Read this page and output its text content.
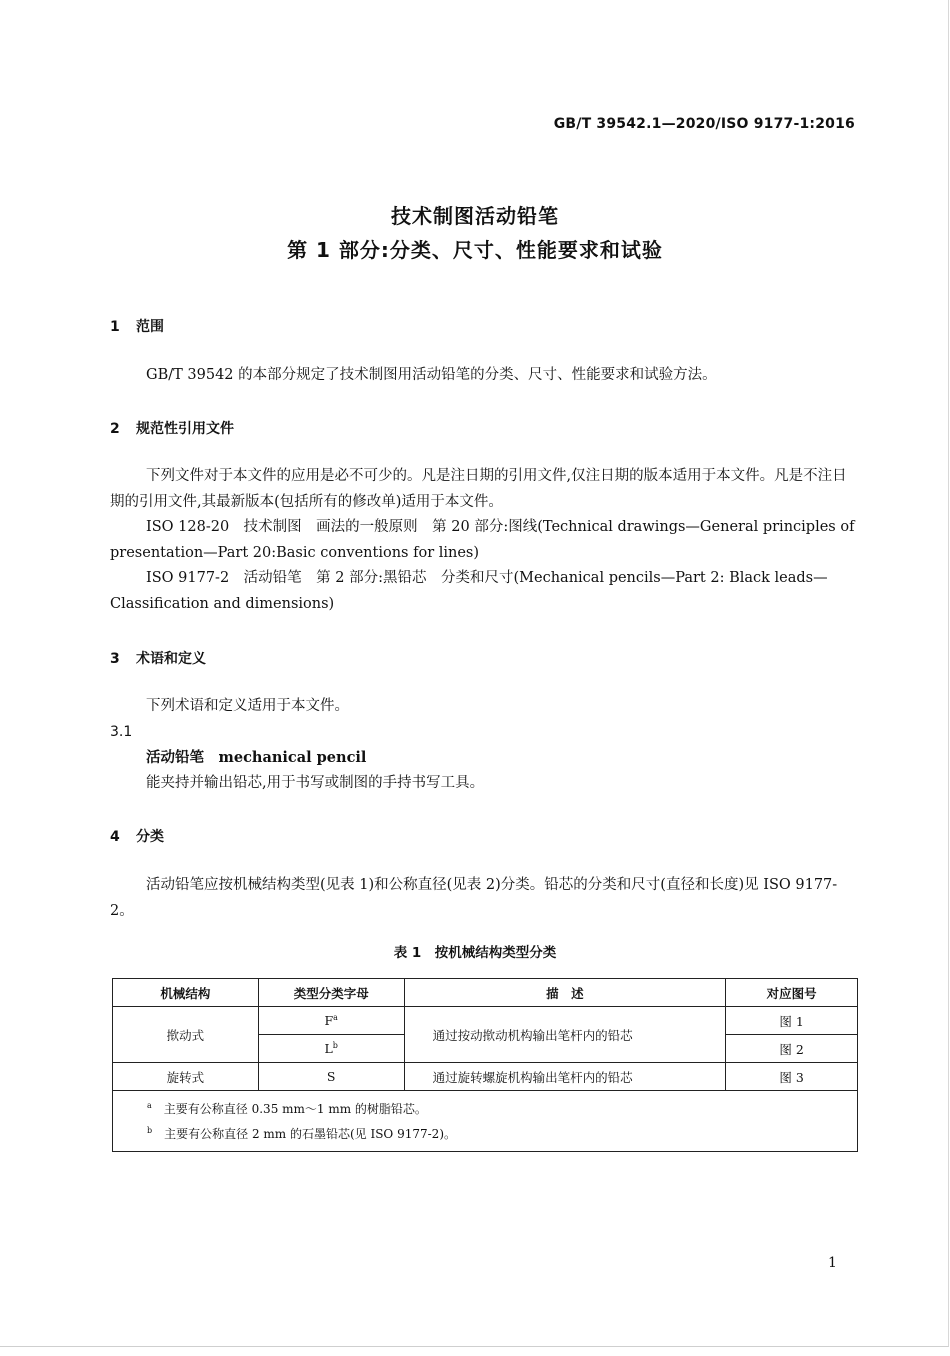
GB/T 39542.1—2020/ISO 9177-1:2016
技术制图活动铅笔
第 1 部分:分类、尺寸、性能要求和试验
1 范围
GB/T 39542 的本部分规定了技术制图用活动铅笔的分类、尺寸、性能要求和试验方法。
2 规范性引用文件
下列文件对于本文件的应用是必不可少的。凡是注日期的引用文件,仅注日期的版本适用于本文件。凡是不注日期的引用文件,其最新版本(包括所有的修改单)适用于本文件。
ISO 128-20　技术制图　画法的一般原则　第 20 部分:图线(Technical drawings—General principles of presentation—Part 20:Basic conventions for lines)
ISO 9177-2　活动铅笔　第 2 部分:黑铅芯　分类和尺寸(Mechanical pencils—Part 2: Black leads—Classification and dimensions)
3 术语和定义
下列术语和定义适用于本文件。
3.1
活动铅笔　mechanical pencil
能夹持并输出铅芯,用于书写或制图的手持书写工具。
4 分类
活动铅笔应按机械结构类型(见表 1)和公称直径(见表 2)分类。铅芯的分类和尺寸(直径和长度)见 ISO 9177-2。
表 1　按机械结构类型分类
机械结构	类型分类字母	描　述	对应图号
揿动式	$F^a$	通过按动揿动机构输出笔杆内的铅芯	图 1
	$L^b$		图 2
旋转式	S	通过旋转螺旋机构输出笔杆内的铅芯	图 3

$^a$　 主要有公称直径 0.35 mm～1 mm 的树脂铅芯。
$^b$　 主要有公称直径 2 mm 的石墨铅芯(见 ISO 9177-2)。			
1
